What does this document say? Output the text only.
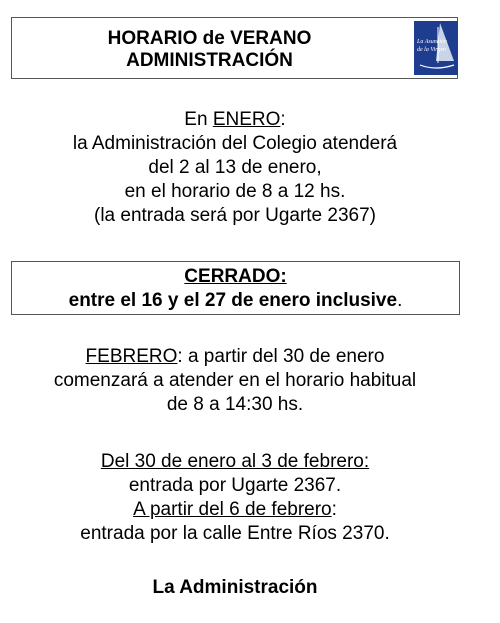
HORARIO de VERANO
ADMINISTRACIÓN
La Asunción
de la Virgen
En ENERO:
la Administración del Colegio atenderá
del 2 al 13 de enero,
en el horario de 8 a 12 hs.
(la entrada será por Ugarte 2367)
CERRADO:
entre el 16 y el 27 de enero inclusive.
FEBRERO: a partir del 30 de enero
comenzará a atender en el horario habitual
de 8 a 14:30 hs.
Del 30 de enero al 3 de febrero:
entrada por Ugarte 2367.
A partir del 6 de febrero:
entrada por la calle Entre Ríos 2370.
La Administración
